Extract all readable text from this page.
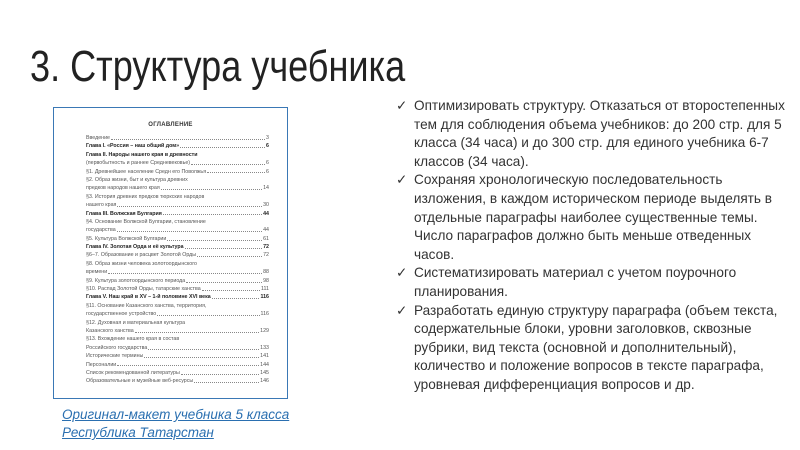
3. Структура учебника
ОГЛАВЛЕНИЕ
Введение	3
Глава I. «Россия – наш общий дом»	6
Глава II. Народы нашего края в древности
(первобытность и раннее Средневековье)	6
§1. Древнейшее население Средн его Поволжья	6
§2. Образ жизни, быт и культура древних
предков народов нашего края	14
§3. История древних предков тюркских народов
нашего края	30
Глава III. Волжская Булгария	44
§4. Основание Волжской Булгарии, становление
государства	44
§5. Культура Волжской Булгарии	61
Глава IV. Золотая Орда и её культура	72
§6–7. Образование и расцвет Золотой Орды	72
§8. Образ жизни человека золотоордынского
времени	88
§9. Культура золотоордынского периода	98
§10. Распад Золотой Орды, татарские ханства	111
Глава V. Наш край в XV – 1-й половине XVI века	116
§11. Основание Казанского ханства, территория,
государственное устройство	116
§12. Духовная и материальная культура
Казанского ханства	129
§13. Вхождение нашего края в состав
Российского государства	133
Исторические термины	141
Персоналии	144
Список рекомендованной литературы	145
Образовательные и музейные веб-ресурсы	146
Оригинал-макет учебника 5 класса
Республика Татарстан
✓ Оптимизировать структуру. Отказаться от второстепенных тем для соблюдения объема учебников: до 200 стр. для 5 класса (34 часа) и до 300 стр. для единого учебника 6-7 классов (34 часа).
✓ Сохраняя хронологическую последовательность изложения, в каждом историческом периоде выделять в отдельные параграфы наиболее существенные темы. Число параграфов должно быть меньше отведенных часов.
✓ Систематизировать материал с учетом поурочного планирования.
✓ Разработать единую структуру параграфа (объем текста, содержательные блоки, уровни заголовков, сквозные рубрики, вид текста (основной и дополнительный), количество и положение вопросов в тексте параграфа, уровневая дифференциация вопросов и др.
